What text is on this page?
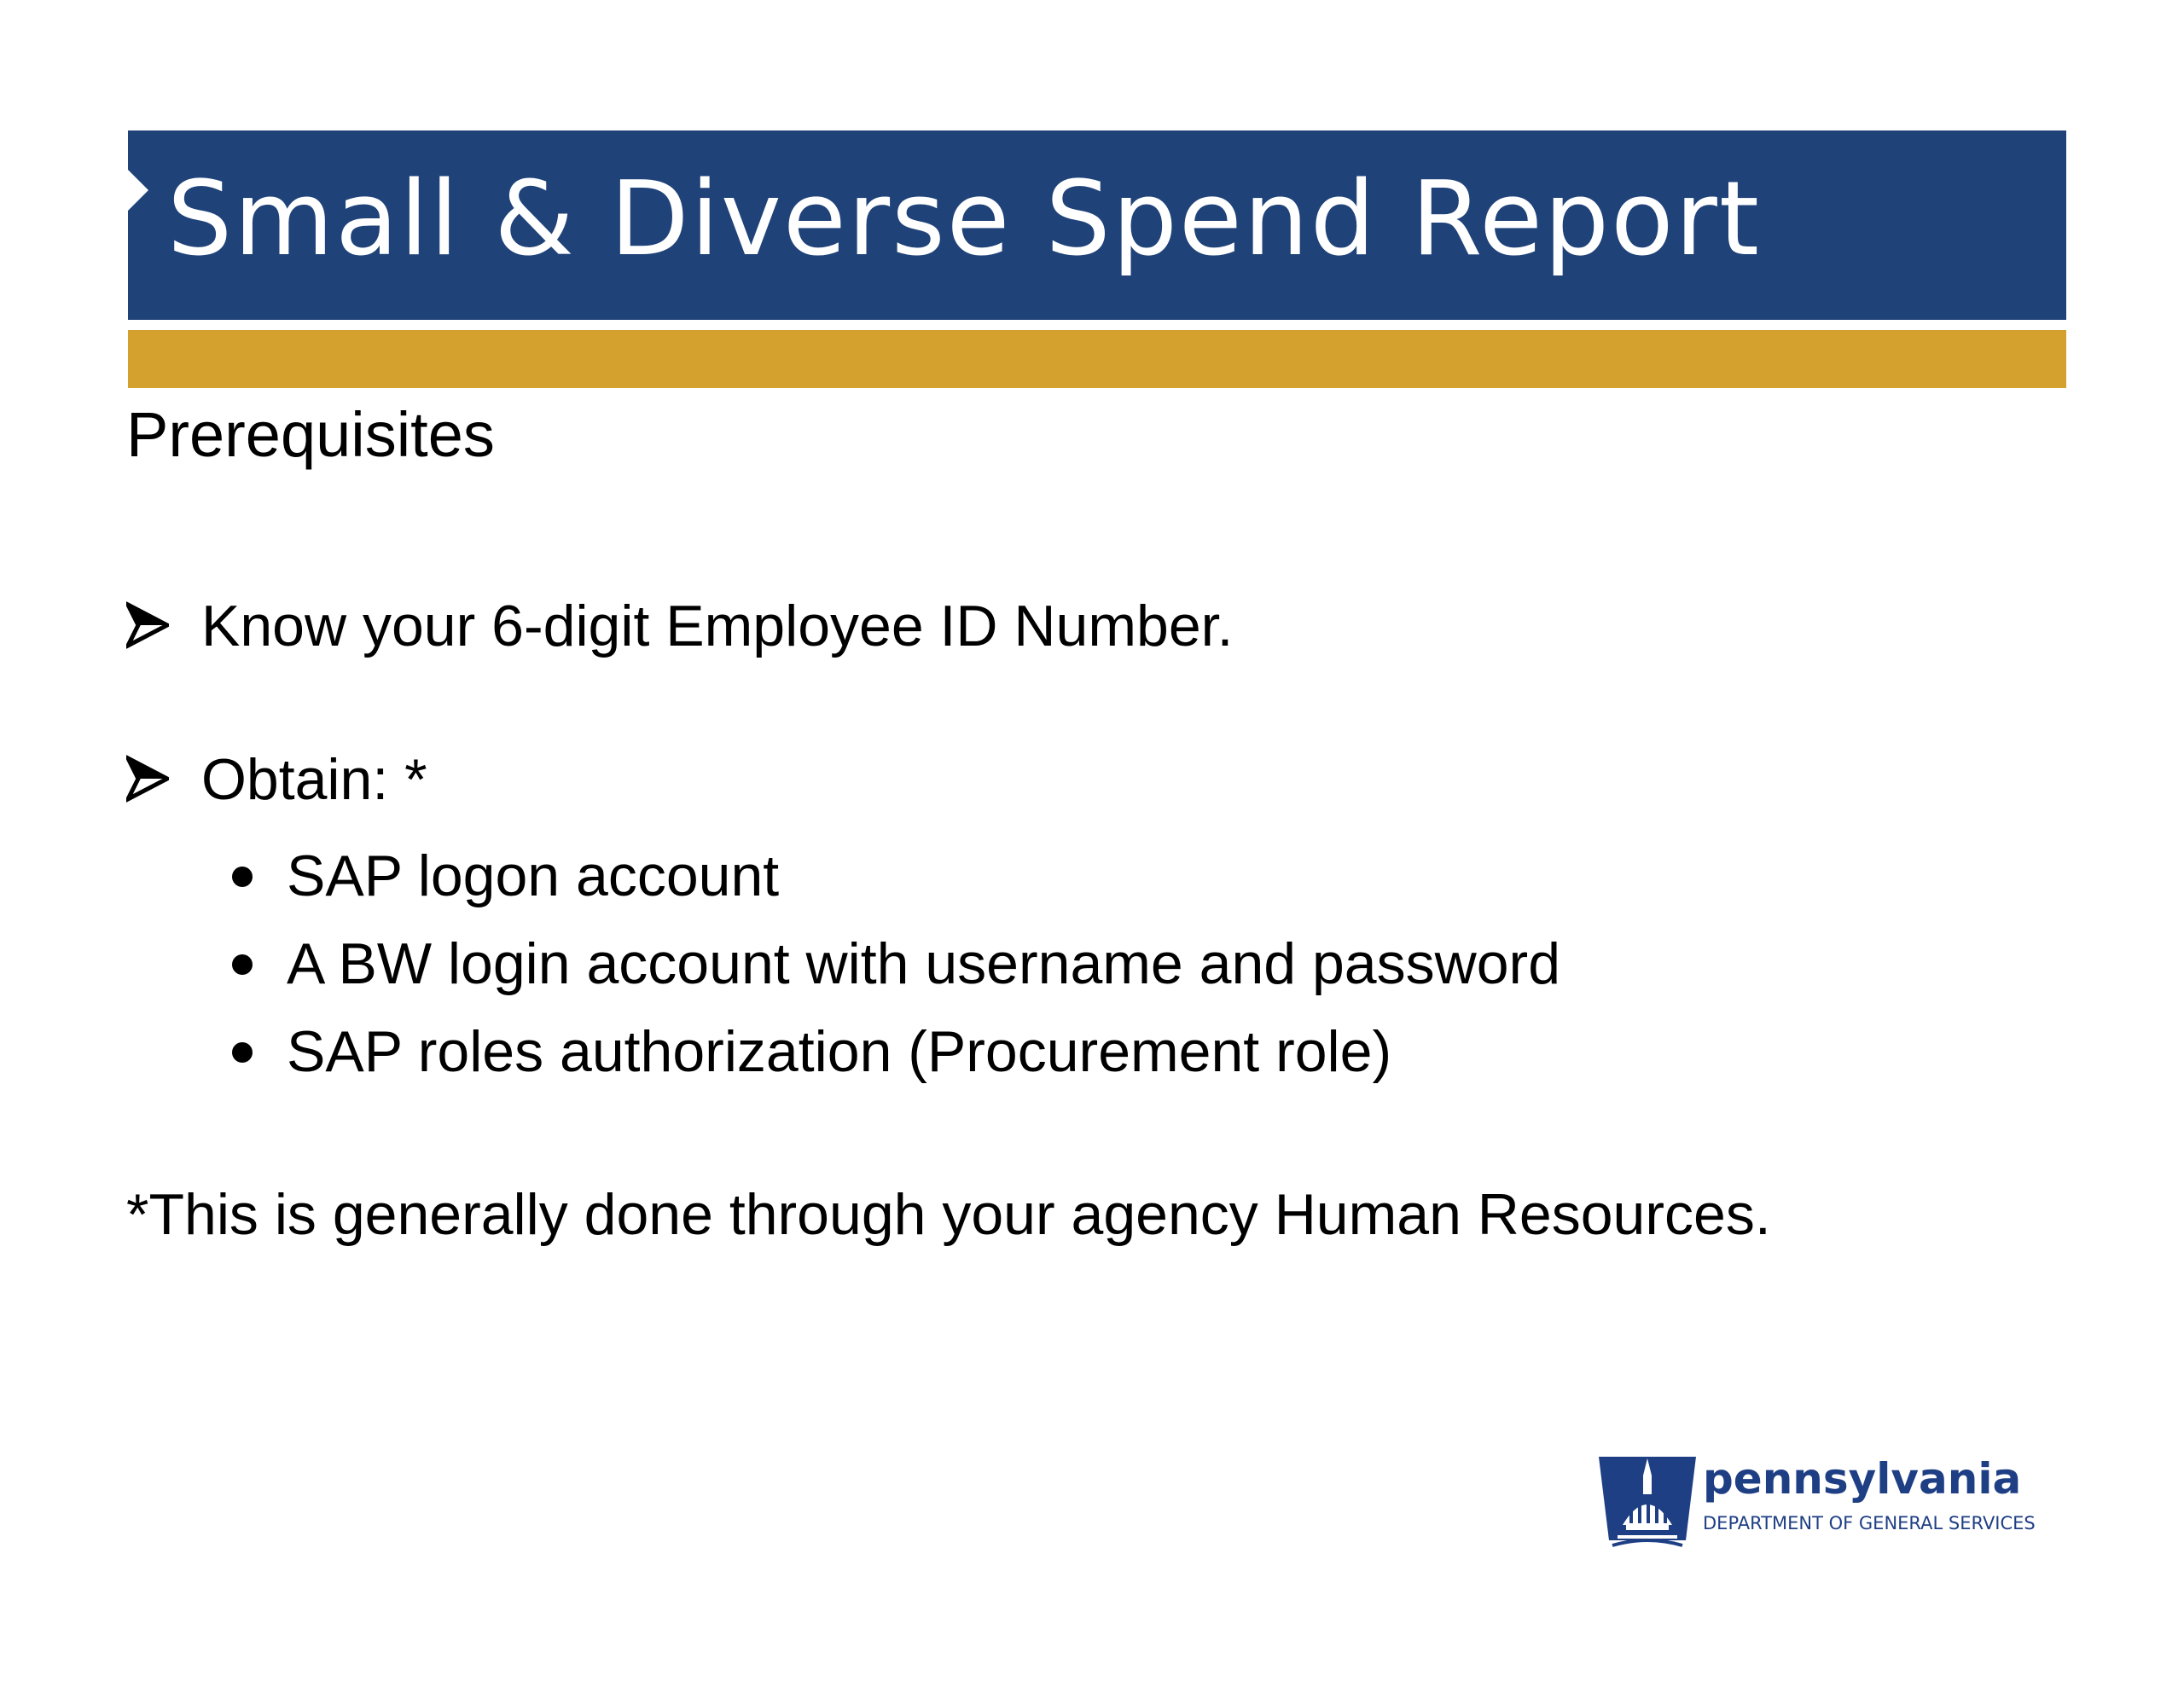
Small & Diverse Spend Report
Prerequisites
Know your 6-digit Employee ID Number.
Obtain: *
SAP logon account
A BW login account with username and password
SAP roles authorization (Procurement role)
*This is generally done through your agency Human Resources.
pennsylvania
DEPARTMENT OF GENERAL SERVICES
